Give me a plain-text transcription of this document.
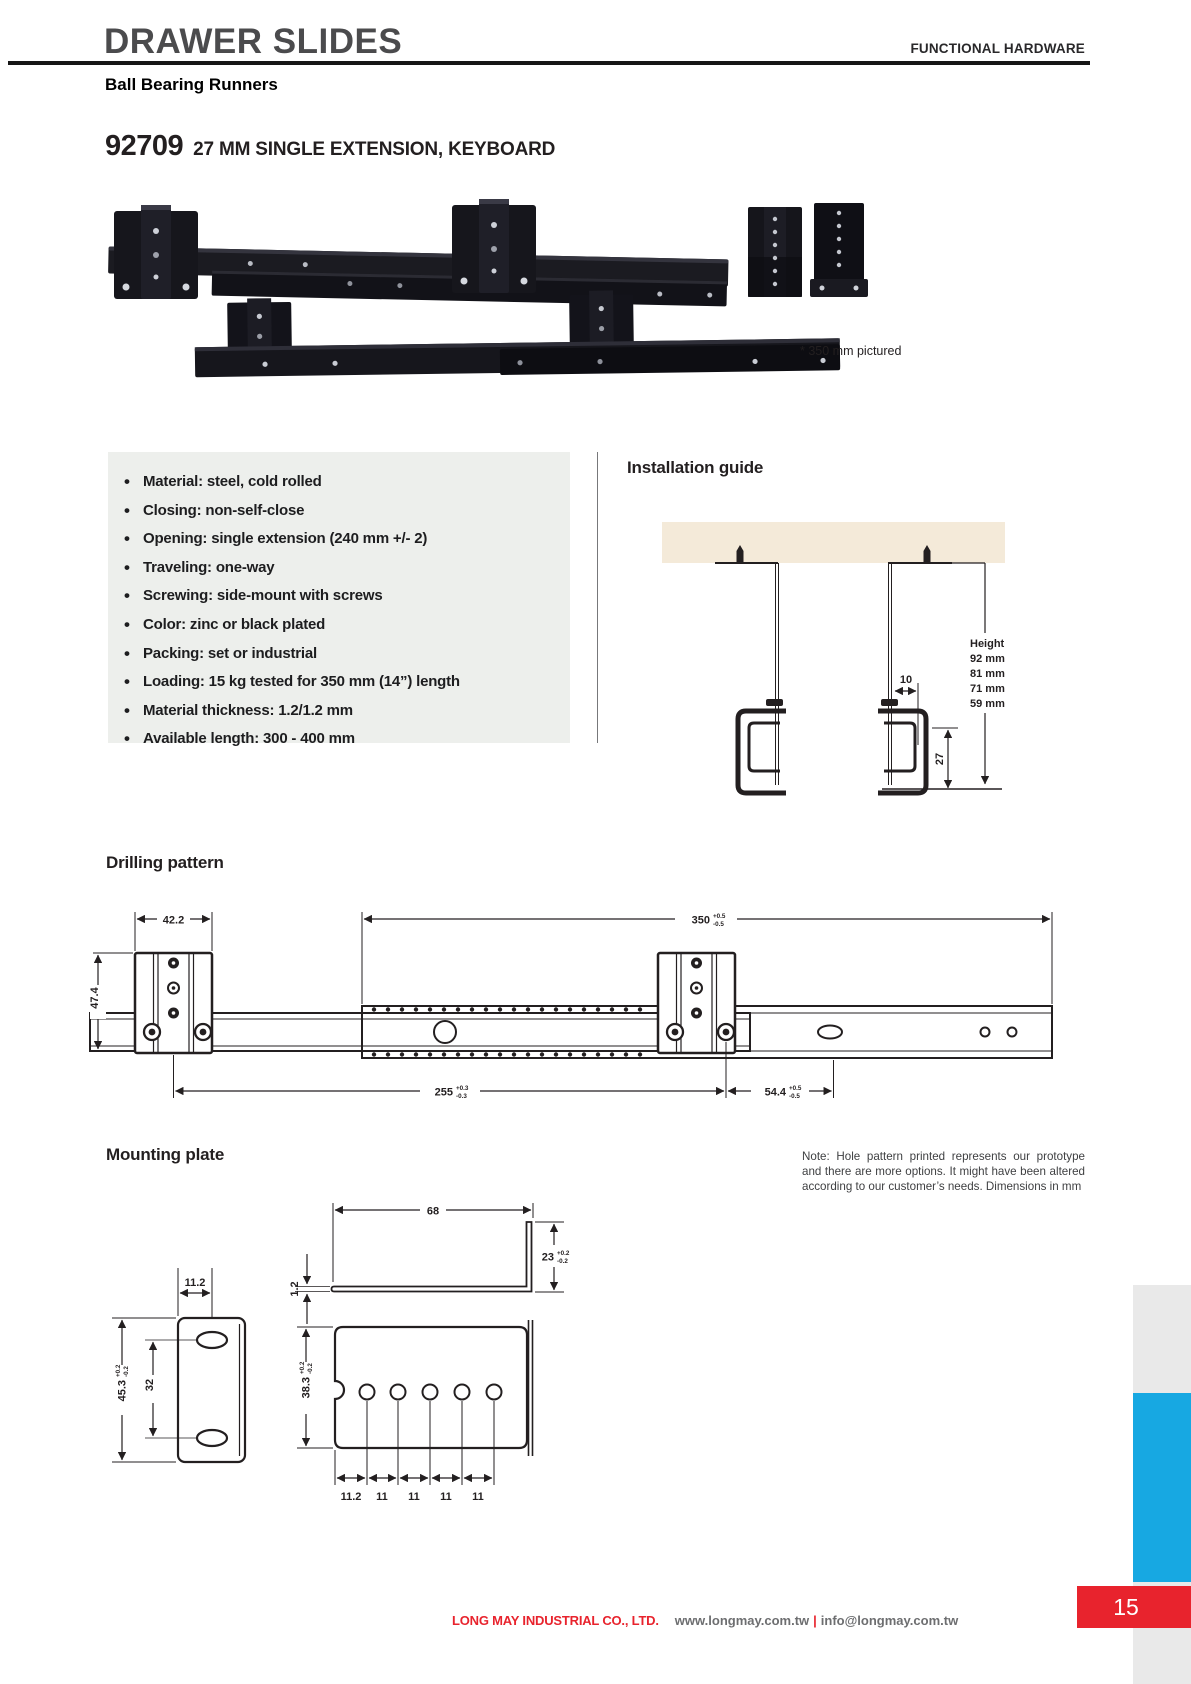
DRAWER SLIDES	FUNCTIONAL HARDWARE
Ball Bearing Runners
92709 27 MM SINGLE EXTENSION, KEYBOARD
* 350 mm pictured
• Material: steel, cold rolled
• Closing: non-self-close
• Opening: single extension (240 mm +/- 2)
• Traveling: one-way
• Screwing: side-mount with screws
• Color: zinc or black plated
• Packing: set or industrial
• Loading: 15 kg tested for 350 mm (14”) length
• Material thickness: 1.2/1.2 mm
• Available length: 300 - 400 mm
Installation guide
10
27
Height
92 mm
81 mm
71 mm
59 mm
Drilling pattern
42.2	350 +0.5
-0.5
47.4
255 +0.3
-0.3	54.4 +0.5
-0.5
Mounting plate	Note: Hole pattern printed represents our prototype and there are more options. It might have been altered according to our customer’s needs. Dimensions in mm
11.2
45.3
+0.2 -0.2
32
68
1.2
23 +0.2
-0.2
38.3
+0.2 -0.2
11.2 11 11 11 11
15
LONG MAY INDUSTRIAL CO., LTD. www.longmay.com.tw | info@longmay.com.tw
